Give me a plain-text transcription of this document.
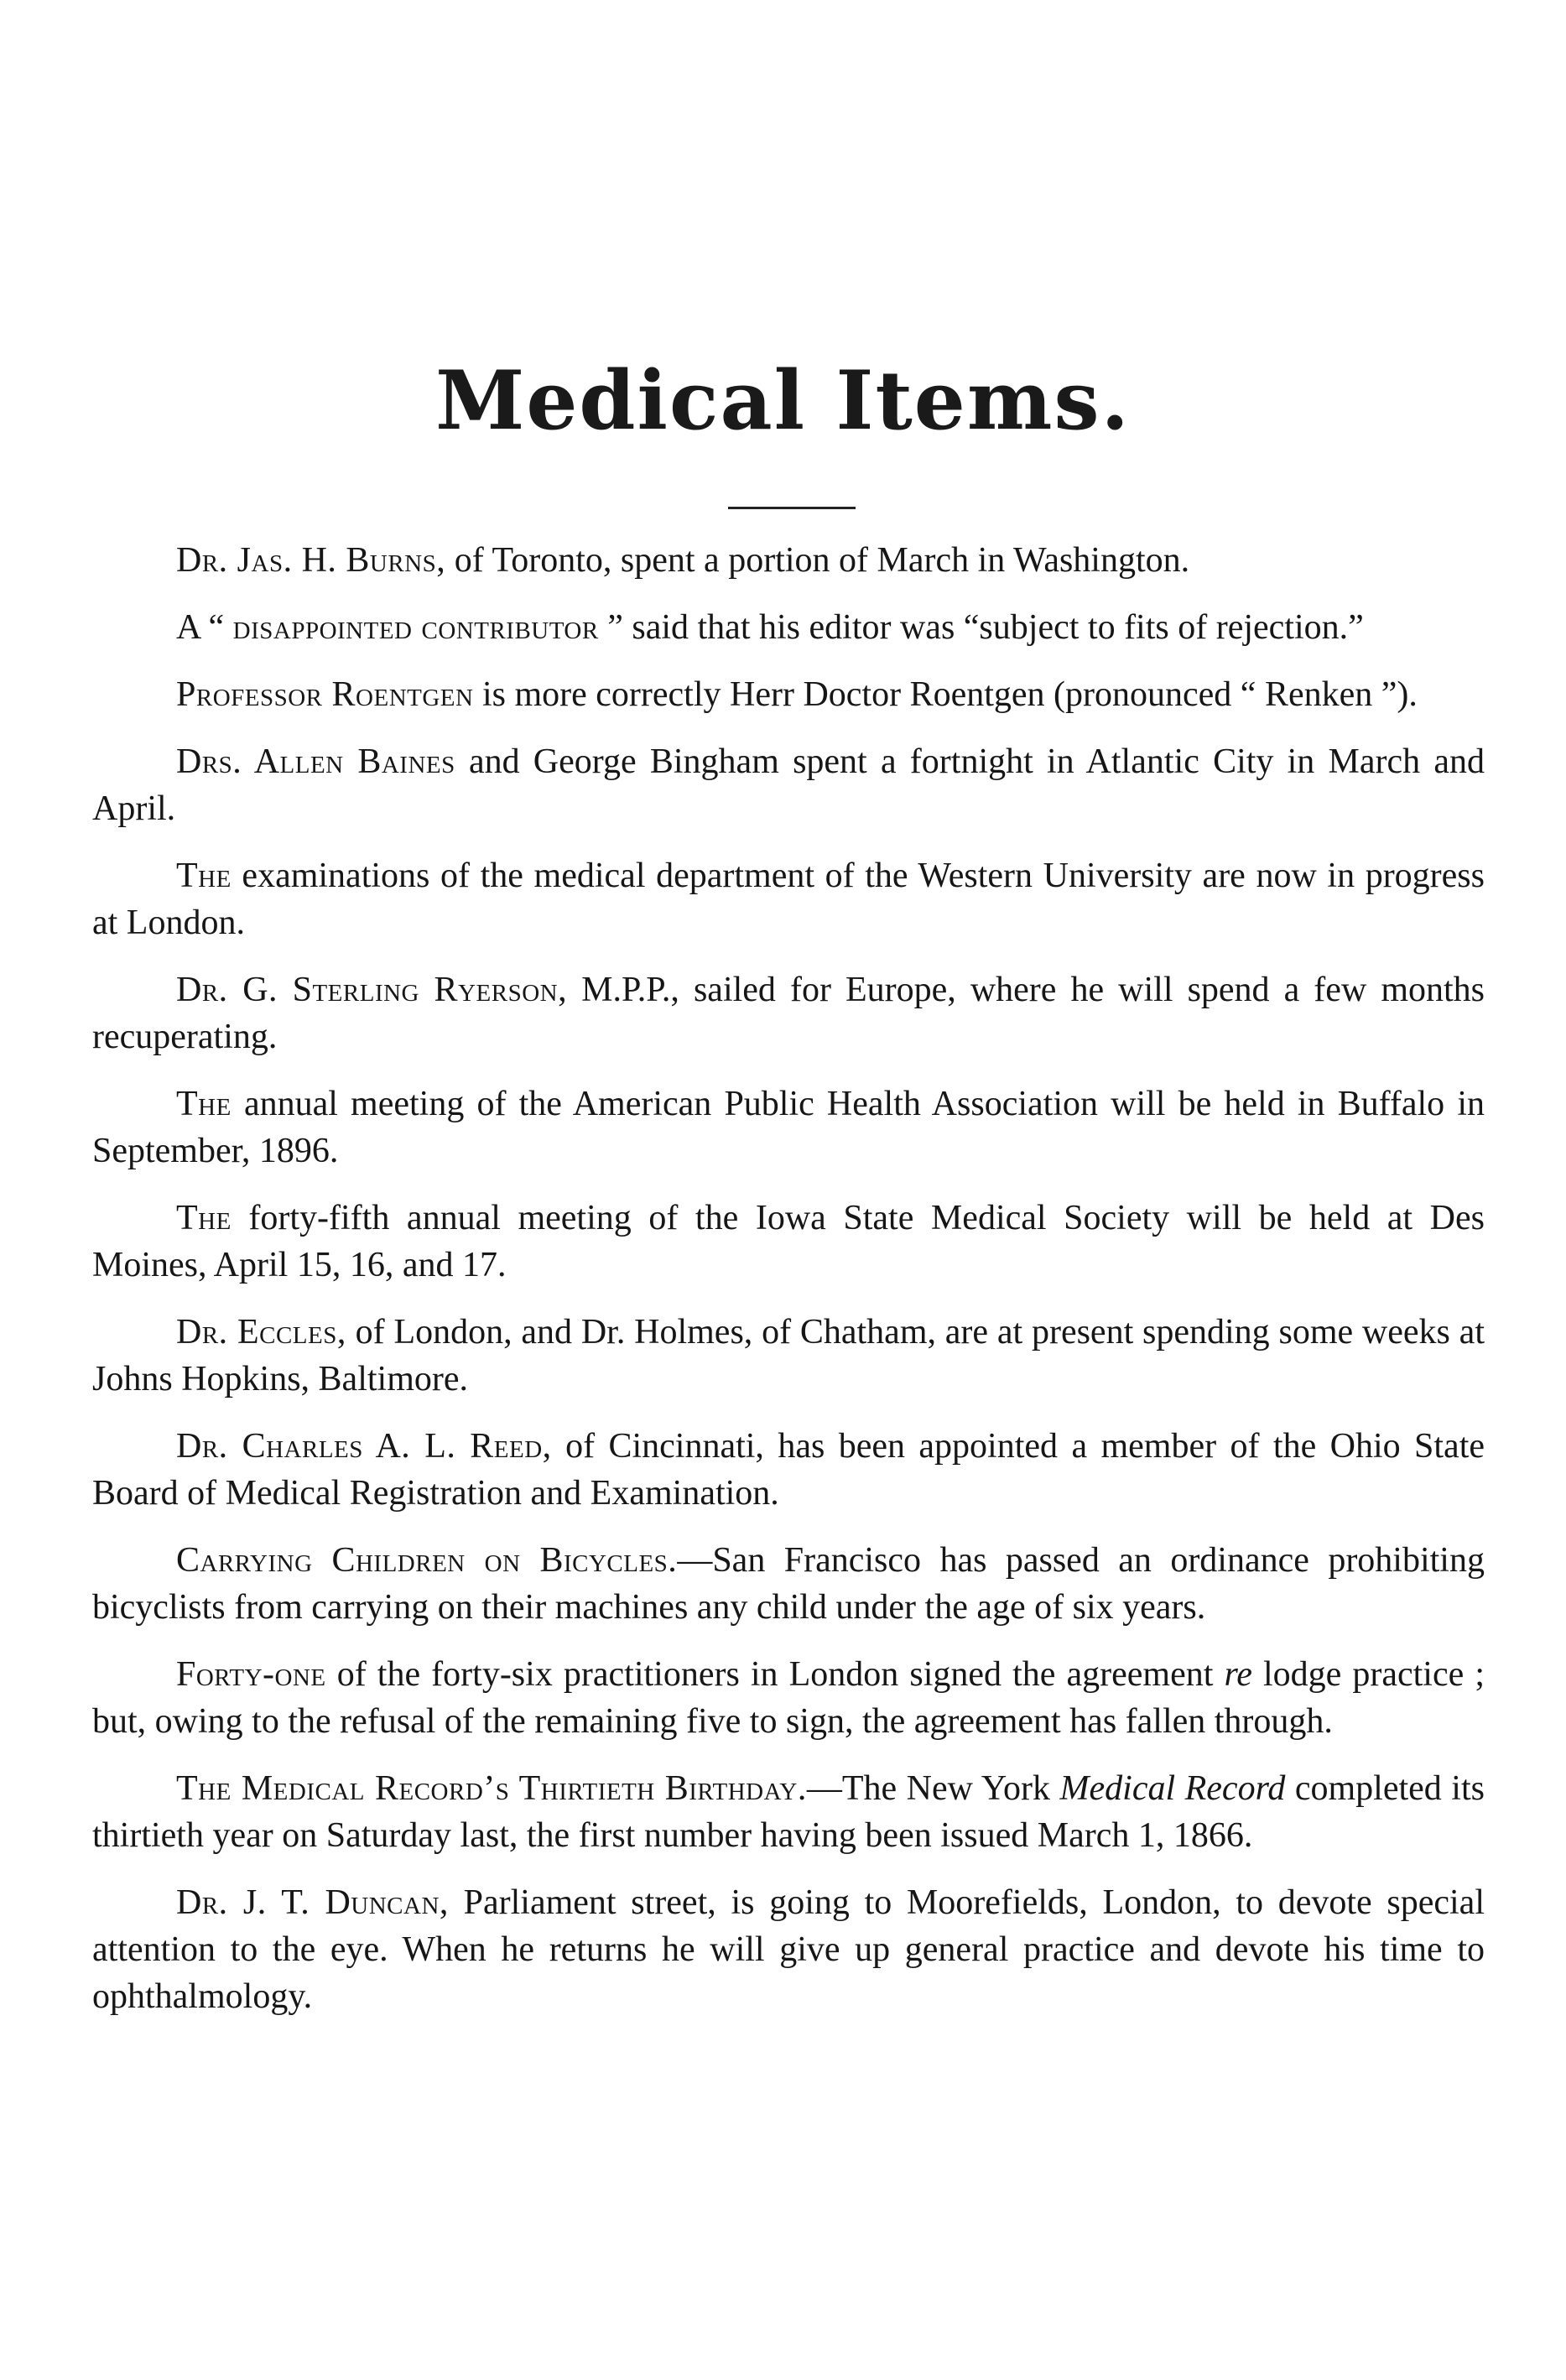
Medical Items.

Dr. Jas. H. Burns, of Toronto, spent a portion of March in Washington.

A “ disappointed contributor ” said that his editor was “subject to fits of rejection.”

Professor Roentgen is more correctly Herr Doctor Roentgen (pronounced “ Renken ”).

Drs. Allen Baines and George Bingham spent a fortnight in Atlantic City in March and April.

The examinations of the medical department of the Western University are now in progress at London.

Dr. G. Sterling Ryerson, M.P.P., sailed for Europe, where he will spend a few months recuperating.

The annual meeting of the American Public Health Association will be held in Buffalo in September, 1896.

The forty-fifth annual meeting of the Iowa State Medical Society will be held at Des Moines, April 15, 16, and 17.

Dr. Eccles, of London, and Dr. Holmes, of Chatham, are at present spending some weeks at Johns Hopkins, Baltimore.

Dr. Charles A. L. Reed, of Cincinnati, has been appointed a member of the Ohio State Board of Medical Registration and Examination.

Carrying Children on Bicycles.—San Francisco has passed an ordinance prohibiting bicyclists from carrying on their machines any child under the age of six years.

Forty-one of the forty-six practitioners in London signed the agreement re lodge practice ; but, owing to the refusal of the remaining five to sign, the agreement has fallen through.

The Medical Record’s Thirtieth Birthday.—The New York Medical Record completed its thirtieth year on Saturday last, the first number having been issued March 1, 1866.

Dr. J. T. Duncan, Parliament street, is going to Moorefields, London, to devote special attention to the eye. When he returns he will give up general practice and devote his time to ophthalmology.
